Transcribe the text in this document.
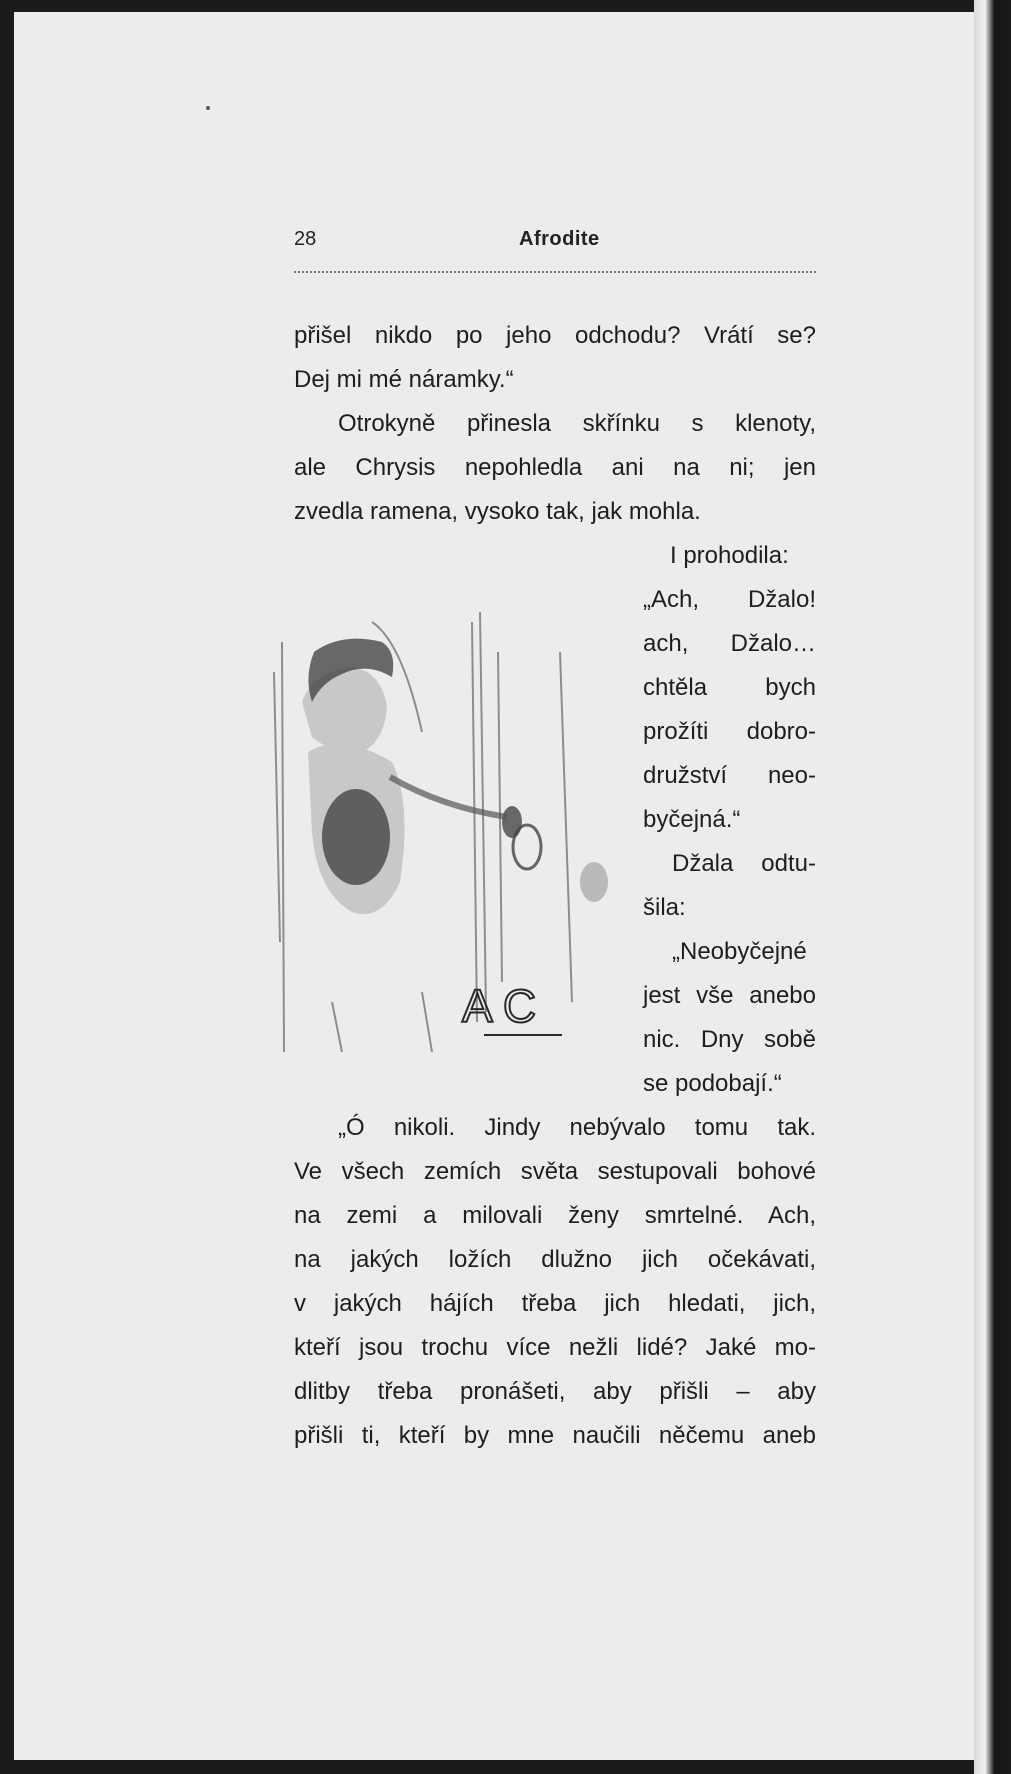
28	Afrodite
přišel nikdo po jeho odchodu? Vrátí se?
Dej mi mé náramky.“
Otrokyně přinesla skřínku s klenoty,
ale Chrysis nepohledla ani na ni; jen
zvedla ramena, vysoko tak, jak mohla.
I prohodila:
„Ach, Džalo!
ach, Džalo…
chtěla bych
prožíti dobro-
družství neo-
byčejná.“
Džala odtu-
šila:
„Neobyčejné
jest vše anebo
nic. Dny sobě
se podobají.“
„Ó nikoli. Jindy nebývalo tomu tak.
Ve všech zemích světa sestupovali bohové
na zemi a milovali ženy smrtelné. Ach,
na jakých ložích dlužno jich očekávati,
v jakých hájích třeba jich hledati, jich,
kteří jsou trochu více nežli lidé? Jaké mo-
dlitby třeba pronášeti, aby přišli – aby
přišli ti, kteří by mne naučili něčemu aneb
A C
